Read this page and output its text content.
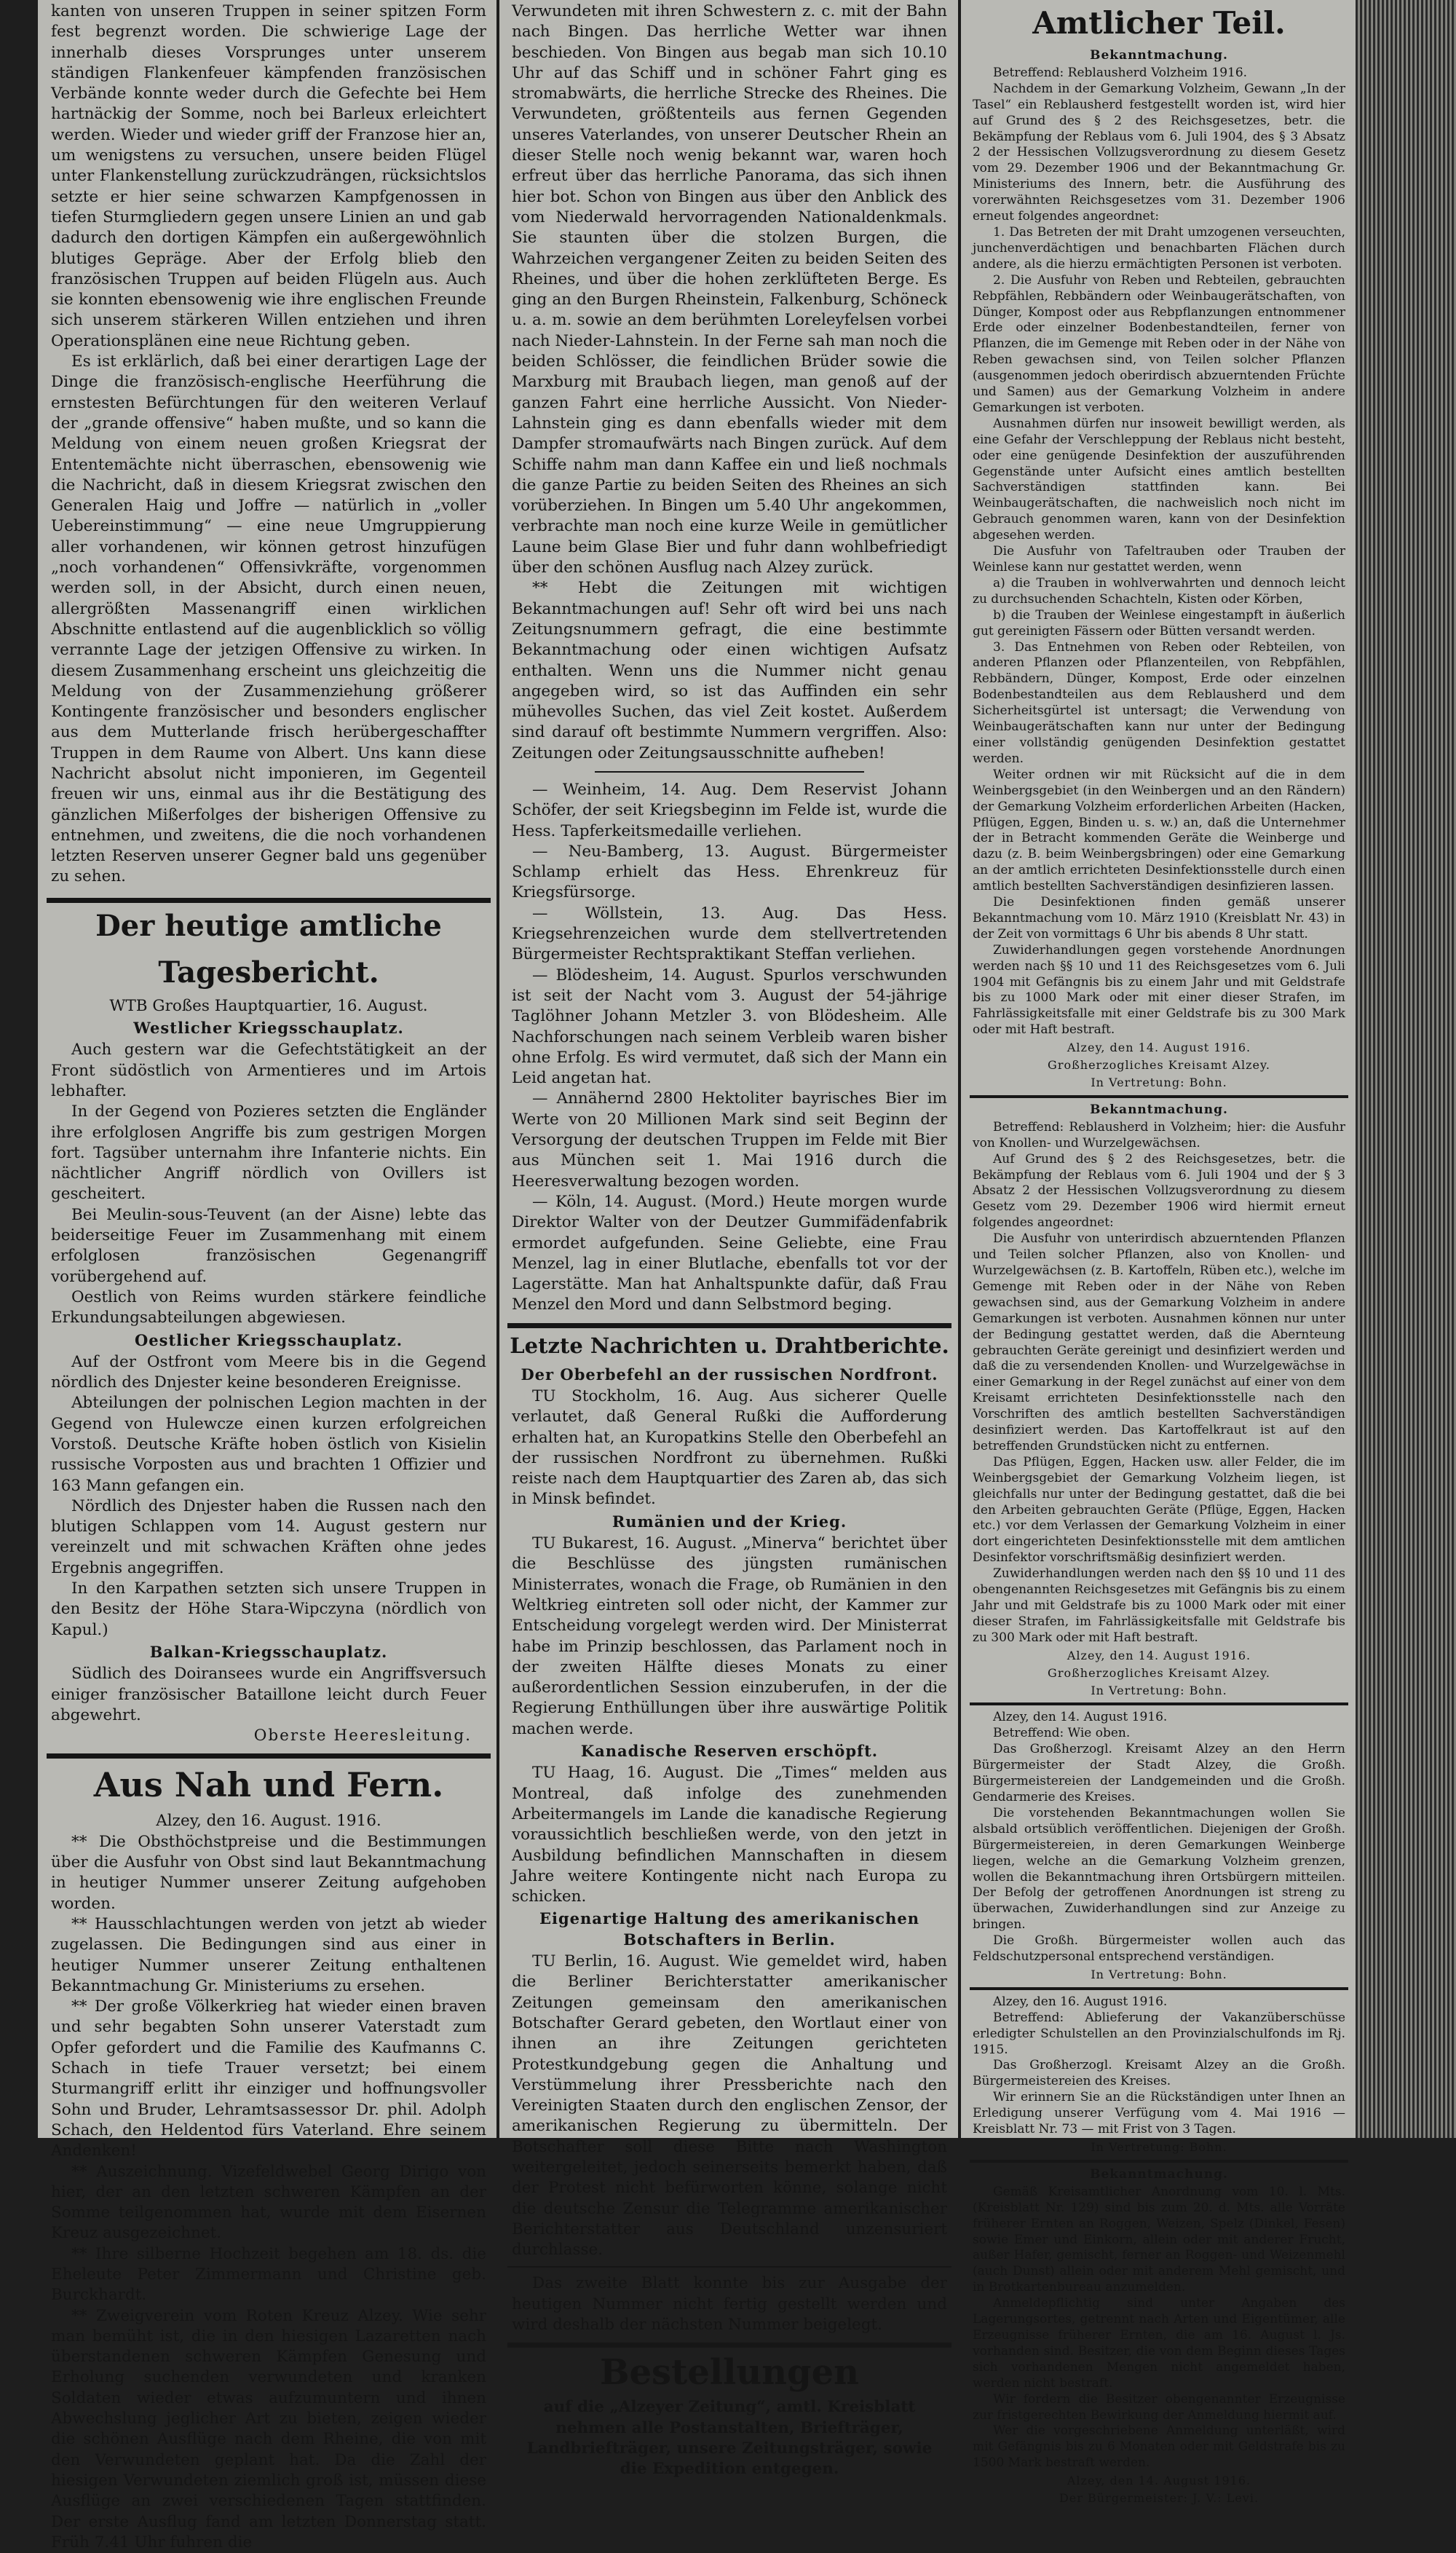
kanten von unseren Truppen in seiner spitzen Form fest begrenzt worden. Die schwierige Lage der innerhalb dieses Vorsprunges unter unserem ständigen Flankenfeuer kämpfenden französischen Verbände konnte weder durch die Gefechte bei Hem hartnäckig der Somme, noch bei Barleux erleichtert werden. Wieder und wieder griff der Franzose hier an, um wenigstens zu versuchen, unsere beiden Flügel unter Flankenstellung zurückzudrängen, rücksichtslos setzte er hier seine schwarzen Kampfgenossen in tiefen Sturmgliedern gegen unsere Linien an und gab dadurch den dortigen Kämpfen ein außergewöhnlich blutiges Gepräge. Aber der Erfolg blieb den französischen Truppen auf beiden Flügeln aus. Auch sie konnten ebensowenig wie ihre englischen Freunde sich unserem stärkeren Willen entziehen und ihren Operationsplänen eine neue Richtung geben.

Es ist erklärlich, daß bei einer derartigen Lage der Dinge die französisch-englische Heerführung die ernstesten Befürchtungen für den weiteren Verlauf der „grande offensive“ haben mußte, und so kann die Meldung von einem neuen großen Kriegsrat der Ententemächte nicht überraschen, ebensowenig wie die Nachricht, daß in diesem Kriegsrat zwischen den Generalen Haig und Joffre — natürlich in „voller Uebereinstimmung“ — eine neue Umgruppierung aller vorhandenen, wir können getrost hinzufügen „noch vorhandenen“ Offensivkräfte, vorgenommen werden soll, in der Absicht, durch einen neuen, allergrößten Massenangriff einen wirklichen Abschnitte entlastend auf die augenblicklich so völlig verrannte Lage der jetzigen Offensive zu wirken. In diesem Zusammenhang erscheint uns gleichzeitig die Meldung von der Zusammenziehung größerer Kontingente französischer und besonders englischer aus dem Mutterlande frisch herübergeschaffter Truppen in dem Raume von Albert. Uns kann diese Nachricht absolut nicht imponieren, im Gegenteil freuen wir uns, einmal aus ihr die Bestätigung des gänzlichen Mißerfolges der bisherigen Offensive zu entnehmen, und zweitens, die die noch vorhandenen letzten Reserven unserer Gegner bald uns gegenüber zu sehen.

Der heutige amtliche Tagesbericht.

WTB Großes Hauptquartier, 16. August.

Westlicher Kriegsschauplatz.

Auch gestern war die Gefechtstätigkeit an der Front südöstlich von Armentieres und im Artois lebhafter.

In der Gegend von Pozieres setzten die Engländer ihre erfolglosen Angriffe bis zum gestrigen Morgen fort. Tagsüber unternahm ihre Infanterie nichts. Ein nächtlicher Angriff nördlich von Ovillers ist gescheitert.

Bei Meulin-sous-Teuvent (an der Aisne) lebte das beiderseitige Feuer im Zusammenhang mit einem erfolglosen französischen Gegenangriff vorübergehend auf.

Oestlich von Reims wurden stärkere feindliche Erkundungsabteilungen abgewiesen.

Oestlicher Kriegsschauplatz.

Auf der Ostfront vom Meere bis in die Gegend nördlich des Dnjester keine besonderen Ereignisse.

Abteilungen der polnischen Legion machten in der Gegend von Hulewcze einen kurzen erfolgreichen Vorstoß. Deutsche Kräfte hoben östlich von Kisielin russische Vorposten aus und brachten 1 Offizier und 163 Mann gefangen ein.

Nördlich des Dnjester haben die Russen nach den blutigen Schlappen vom 14. August gestern nur vereinzelt und mit schwachen Kräften ohne jedes Ergebnis angegriffen.

In den Karpathen setzten sich unsere Truppen in den Besitz der Höhe Stara-Wipczyna (nördlich von Kapul.)

Balkan-Kriegsschauplatz.

Südlich des Doiransees wurde ein Angriffsversuch einiger französischer Bataillone leicht durch Feuer abgewehrt.

Oberste Heeresleitung.

Aus Nah und Fern.

Alzey, den 16. August. 1916.

** Die Obsthöchstpreise und die Bestimmungen über die Ausfuhr von Obst sind laut Bekanntmachung in heutiger Nummer unserer Zeitung aufgehoben worden.

** Hausschlachtungen werden von jetzt ab wieder zugelassen. Die Bedingungen sind aus einer in heutiger Nummer unserer Zeitung enthaltenen Bekanntmachung Gr. Ministeriums zu ersehen.

** Der große Völkerkrieg hat wieder einen braven und sehr begabten Sohn unserer Vaterstadt zum Opfer gefordert und die Familie des Kaufmanns C. Schach in tiefe Trauer versetzt; bei einem Sturmangriff erlitt ihr einziger und hoffnungsvoller Sohn und Bruder, Lehramtsassessor Dr. phil. Adolph Schach, den Heldentod fürs Vaterland. Ehre seinem Andenken!

** Auszeichnung. Vizefeldwebel Georg Dirigo von hier, der an den letzten schweren Kämpfen an der Somme teilgenommen hat, wurde mit dem Eisernen Kreuz ausgezeichnet.

** Ihre silberne Hochzeit begehen am 18. ds. die Eheleute Peter Zimmermann und Christine geb. Burckhardt.

** Zweigverein vom Roten Kreuz Alzey. Wie sehr man bemüht ist, die in den hiesigen Lazaretten nach überstandenen schweren Kämpfen Genesung und Erholung suchenden verwundeten und kranken Soldaten wieder etwas aufzumuntern und ihnen Abwechslung jeglicher Art zu bieten, zeigen wieder die schönen Ausflüge nach dem Rheine, die von mit den Verwundeten geplant hat. Da die Zahl der hiesigen Verwundeten ziemlich groß ist, müssen diese Ausflüge an zwei verschiedenen Tagen stattfinden. Der erste Ausflug fand am letzten Donnerstag statt. Früh 7.41 Uhr fuhren die

Verwundeten mit ihren Schwestern z. c. mit der Bahn nach Bingen. Das herrliche Wetter war ihnen beschieden. Von Bingen aus begab man sich 10.10 Uhr auf das Schiff und in schöner Fahrt ging es stromabwärts, die herrliche Strecke des Rheines. Die Verwundeten, größtenteils aus fernen Gegenden unseres Vaterlandes, von unserer Deutscher Rhein an dieser Stelle noch wenig bekannt war, waren hoch erfreut über das herrliche Panorama, das sich ihnen hier bot. Schon von Bingen aus über den Anblick des vom Niederwald hervorragenden Nationaldenkmals. Sie staunten über die stolzen Burgen, die Wahrzeichen vergangener Zeiten zu beiden Seiten des Rheines, und über die hohen zerklüfteten Berge. Es ging an den Burgen Rheinstein, Falkenburg, Schöneck u. a. m. sowie an dem berühmten Loreleyfelsen vorbei nach Nieder-Lahnstein. In der Ferne sah man noch die beiden Schlösser, die feindlichen Brüder sowie die Marxburg mit Braubach liegen, man genoß auf der ganzen Fahrt eine herrliche Aussicht. Von Nieder-Lahnstein ging es dann ebenfalls wieder mit dem Dampfer stromaufwärts nach Bingen zurück. Auf dem Schiffe nahm man dann Kaffee ein und ließ nochmals die ganze Partie zu beiden Seiten des Rheines an sich vorüberziehen. In Bingen um 5.40 Uhr angekommen, verbrachte man noch eine kurze Weile in gemütlicher Laune beim Glase Bier und fuhr dann wohlbefriedigt über den schönen Ausflug nach Alzey zurück.

** Hebt die Zeitungen mit wichtigen Bekanntmachungen auf! Sehr oft wird bei uns nach Zeitungsnummern gefragt, die eine bestimmte Bekanntmachung oder einen wichtigen Aufsatz enthalten. Wenn uns die Nummer nicht genau angegeben wird, so ist das Auffinden ein sehr mühevolles Suchen, das viel Zeit kostet. Außerdem sind darauf oft bestimmte Nummern vergriffen. Also: Zeitungen oder Zeitungsausschnitte aufheben!

— Weinheim, 14. Aug. Dem Reservist Johann Schöfer, der seit Kriegsbeginn im Felde ist, wurde die Hess. Tapferkeitsmedaille verliehen.

— Neu-Bamberg, 13. August. Bürgermeister Schlamp erhielt das Hess. Ehrenkreuz für Kriegsfürsorge.

— Wöllstein, 13. Aug. Das Hess. Kriegsehrenzeichen wurde dem stellvertretenden Bürgermeister Rechtspraktikant Steffan verliehen.

— Blödesheim, 14. August. Spurlos verschwunden ist seit der Nacht vom 3. August der 54-jährige Taglöhner Johann Metzler 3. von Blödesheim. Alle Nachforschungen nach seinem Verbleib waren bisher ohne Erfolg. Es wird vermutet, daß sich der Mann ein Leid angetan hat.

— Annähernd 2800 Hektoliter bayrisches Bier im Werte von 20 Millionen Mark sind seit Beginn der Versorgung der deutschen Truppen im Felde mit Bier aus München seit 1. Mai 1916 durch die Heeresverwaltung bezogen worden.

— Köln, 14. August. (Mord.) Heute morgen wurde Direktor Walter von der Deutzer Gummifädenfabrik ermordet aufgefunden. Seine Geliebte, eine Frau Menzel, lag in einer Blutlache, ebenfalls tot vor der Lagerstätte. Man hat Anhaltspunkte dafür, daß Frau Menzel den Mord und dann Selbstmord beging.

Letzte Nachrichten u. Drahtberichte.
Der Oberbefehl an der russischen Nordfront.

TU Stockholm, 16. Aug. Aus sicherer Quelle verlautet, daß General Rußki die Aufforderung erhalten hat, an Kuropatkins Stelle den Oberbefehl an der russischen Nordfront zu übernehmen. Rußki reiste nach dem Hauptquartier des Zaren ab, das sich in Minsk befindet.

Rumänien und der Krieg.

TU Bukarest, 16. August. „Minerva“ berichtet über die Beschlüsse des jüngsten rumänischen Ministerrates, wonach die Frage, ob Rumänien in den Weltkrieg eintreten soll oder nicht, der Kammer zur Entscheidung vorgelegt werden wird. Der Ministerrat habe im Prinzip beschlossen, das Parlament noch in der zweiten Hälfte dieses Monats zu einer außerordentlichen Session einzuberufen, in der die Regierung Enthüllungen über ihre auswärtige Politik machen werde.

Kanadische Reserven erschöpft.

TU Haag, 16. August. Die „Times“ melden aus Montreal, daß infolge des zunehmenden Arbeitermangels im Lande die kanadische Regierung voraussichtlich beschließen werde, von den jetzt in Ausbildung befindlichen Mannschaften in diesem Jahre weitere Kontingente nicht nach Europa zu schicken.

Eigenartige Haltung des amerikanischen Botschafters in Berlin.

TU Berlin, 16. August. Wie gemeldet wird, haben die Berliner Berichterstatter amerikanischer Zeitungen gemeinsam den amerikanischen Botschafter Gerard gebeten, den Wortlaut einer von ihnen an ihre Zeitungen gerichteten Protestkundgebung gegen die Anhaltung und Verstümmelung ihrer Pressberichte nach den Vereinigten Staaten durch den englischen Zensor, der amerikanischen Regierung zu übermitteln. Der Botschafter soll diese Bitte nach Washington weitergeleitet, jedoch seinerseits bemerkt haben, daß der Protest nicht befürworten könne, solange nicht die deutsche Zensur die Telegramme amerikanischer Berichterstatter aus Deutschland unzensuriert durchlasse.

Das zweite Blatt konnte bis zur Ausgabe der heutigen Nummer nicht fertig gestellt werden und wird deshalb der nächsten Nummer beigelegt.

Bestellungen

auf die „Alzeyer Zeitung“, amtl. Kreisblatt nehmen alle Postanstalten, Briefträger, Landbriefträger, unsere Zeitungsträger, sowie die Expedition entgegen.

Amtlicher Teil.
Bekanntmachung.

Betreffend: Reblausherd Volzheim 1916.

Nachdem in der Gemarkung Volzheim, Gewann „In der Tasel“ ein Reblausherd festgestellt worden ist, wird hier auf Grund des § 2 des Reichsgesetzes, betr. die Bekämpfung der Reblaus vom 6. Juli 1904, des § 3 Absatz 2 der Hessischen Vollzugsverordnung zu diesem Gesetz vom 29. Dezember 1906 und der Bekanntmachung Gr. Ministeriums des Innern, betr. die Ausführung des vorerwähnten Reichsgesetzes vom 31. Dezember 1906 erneut folgendes angeordnet:

1. Das Betreten der mit Draht umzogenen verseuchten, junchenverdächtigen und benachbarten Flächen durch andere, als die hierzu ermächtigten Personen ist verboten.

2. Die Ausfuhr von Reben und Rebteilen, gebrauchten Rebpfählen, Rebbändern oder Weinbaugerätschaften, von Dünger, Kompost oder aus Rebpflanzungen entnommener Erde oder einzelner Bodenbestandteilen, ferner von Pflanzen, die im Gemenge mit Reben oder in der Nähe von Reben gewachsen sind, von Teilen solcher Pflanzen (ausgenommen jedoch oberirdisch abzuerntenden Früchte und Samen) aus der Gemarkung Volzheim in andere Gemarkungen ist verboten.

Ausnahmen dürfen nur insoweit bewilligt werden, als eine Gefahr der Verschleppung der Reblaus nicht besteht, oder eine genügende Desinfektion der auszuführenden Gegenstände unter Aufsicht eines amtlich bestellten Sachverständigen stattfinden kann. Bei Weinbaugerätschaften, die nachweislich noch nicht im Gebrauch genommen waren, kann von der Desinfektion abgesehen werden.

Die Ausfuhr von Tafeltrauben oder Trauben der Weinlese kann nur gestattet werden, wenn

a) die Trauben in wohlverwahrten und dennoch leicht zu durchsuchenden Schachteln, Kisten oder Körben,

b) die Trauben der Weinlese eingestampft in äußerlich gut gereinigten Fässern oder Bütten versandt werden.

3. Das Entnehmen von Reben oder Rebteilen, von anderen Pflanzen oder Pflanzenteilen, von Rebpfählen, Rebbändern, Dünger, Kompost, Erde oder einzelnen Bodenbestandteilen aus dem Reblausherd und dem Sicherheitsgürtel ist untersagt; die Verwendung von Weinbaugerätschaften kann nur unter der Bedingung einer vollständig genügenden Desinfektion gestattet werden.

Weiter ordnen wir mit Rücksicht auf die in dem Weinbergsgebiet (in den Weinbergen und an den Rändern) der Gemarkung Volzheim erforderlichen Arbeiten (Hacken, Pflügen, Eggen, Binden u. s. w.) an, daß die Unternehmer der in Betracht kommenden Geräte die Weinberge und dazu (z. B. beim Weinbergsbringen) oder eine Gemarkung an der amtlich errichteten Desinfektionsstelle durch einen amtlich bestellten Sachverständigen desinfizieren lassen.

Die Desinfektionen finden gemäß unserer Bekanntmachung vom 10. März 1910 (Kreisblatt Nr. 43) in der Zeit von vormittags 6 Uhr bis abends 8 Uhr statt.

Zuwiderhandlungen gegen vorstehende Anordnungen werden nach §§ 10 und 11 des Reichsgesetzes vom 6. Juli 1904 mit Gefängnis bis zu einem Jahr und mit Geldstrafe bis zu 1000 Mark oder mit einer dieser Strafen, im Fahrlässigkeitsfalle mit einer Geldstrafe bis zu 300 Mark oder mit Haft bestraft.

Alzey, den 14. August 1916.
Großherzogliches Kreisamt Alzey.
In Vertretung: Bohn.
Bekanntmachung.

Betreffend: Reblausherd in Volzheim; hier: die Ausfuhr von Knollen- und Wurzelgewächsen.

Auf Grund des § 2 des Reichsgesetzes, betr. die Bekämpfung der Reblaus vom 6. Juli 1904 und der § 3 Absatz 2 der Hessischen Vollzugsverordnung zu diesem Gesetz vom 29. Dezember 1906 wird hiermit erneut folgendes angeordnet:

Die Ausfuhr von unterirdisch abzuerntenden Pflanzen und Teilen solcher Pflanzen, also von Knollen- und Wurzelgewächsen (z. B. Kartoffeln, Rüben etc.), welche im Gemenge mit Reben oder in der Nähe von Reben gewachsen sind, aus der Gemarkung Volzheim in andere Gemarkungen ist verboten. Ausnahmen können nur unter der Bedingung gestattet werden, daß die Abernteung gebrauchten Geräte gereinigt und desinfiziert werden und daß die zu versendenden Knollen- und Wurzelgewächse in einer Gemarkung in der Regel zunächst auf einer von dem Kreisamt errichteten Desinfektionsstelle nach den Vorschriften des amtlich bestellten Sachverständigen desinfiziert werden. Das Kartoffelkraut ist auf den betreffenden Grundstücken nicht zu entfernen.

Das Pflügen, Eggen, Hacken usw. aller Felder, die im Weinbergsgebiet der Gemarkung Volzheim liegen, ist gleichfalls nur unter der Bedingung gestattet, daß die bei den Arbeiten gebrauchten Geräte (Pflüge, Eggen, Hacken etc.) vor dem Verlassen der Gemarkung Volzheim in einer dort eingerichteten Desinfektionsstelle mit dem amtlichen Desinfektor vorschriftsmäßig desinfiziert werden.

Zuwiderhandlungen werden nach den §§ 10 und 11 des obengenannten Reichsgesetzes mit Gefängnis bis zu einem Jahr und mit Geldstrafe bis zu 1000 Mark oder mit einer dieser Strafen, im Fahrlässigkeitsfalle mit Geldstrafe bis zu 300 Mark oder mit Haft bestraft.

Alzey, den 14. August 1916.
Großherzogliches Kreisamt Alzey.
In Vertretung: Bohn.

Alzey, den 14. August 1916.

Betreffend: Wie oben.

Das Großherzogl. Kreisamt Alzey an den Herrn Bürgermeister der Stadt Alzey, die Großh. Bürgermeistereien der Landgemeinden und die Großh. Gendarmerie des Kreises.

Die vorstehenden Bekanntmachungen wollen Sie alsbald ortsüblich veröffentlichen. Diejenigen der Großh. Bürgermeistereien, in deren Gemarkungen Weinberge liegen, welche an die Gemarkung Volzheim grenzen, wollen die Bekanntmachung ihren Ortsbürgern mitteilen. Der Befolg der getroffenen Anordnungen ist streng zu überwachen, Zuwiderhandlungen sind zur Anzeige zu bringen.

Die Großh. Bürgermeister wollen auch das Feldschutzpersonal entsprechend verständigen.

In Vertretung: Bohn.

Alzey, den 16. August 1916.

Betreffend: Ablieferung der Vakanzüberschüsse erledigter Schulstellen an den Provinzialschulfonds im Rj. 1915.

Das Großherzogl. Kreisamt Alzey an die Großh. Bürgermeistereien des Kreises.

Wir erinnern Sie an die Rückständigen unter Ihnen an Erledigung unserer Verfügung vom 4. Mai 1916 — Kreisblatt Nr. 73 — mit Frist von 3 Tagen.

In Vertretung: Bohn.
Bekanntmachung.

Gemäß Kreisamtlicher Anordnung vom 10. l. Mts. (Kreisblatt Nr. 129) sind bis zum 20. d. Mts. alle Vorräte früherer Ernten an Roggen, Weizen, Spelz (Dinkel, Fesen) sowie Emer und Einkorn, allein oder mit anderer Frucht, außer Hafer, gemischt, ferner an Roggen- und Weizenmehl (auch Dunst) allein oder mit anderem Mehl gemischt, und in Brotkartenbureau anzumelden.

Anmeldepflichtig sind unter Angaben des Lagerungsortes, getrennt nach Arten und Eigentümer, alle Erzeugnisse früherer Ernten, die am 16. August l. Js. vorhanden sind. Besitzer, die von dem Beginn dieses Tages sich vorhandenen Mengen nicht angemeldet haben, werden nicht bestraft.

Wir fordern die Besitzer obengenannter Erzeugnisse zur fristgerechten Bewirkung der Anmeldung hiermit auf.

Wer die vorgeschriebene Anmeldung unterläßt, wird mit Gefängnis bis zu 6 Monaten oder mit Geldstrafe bis zu 1500 Mark bestraft werden.

Alzey, den 14. August 1916.
Der Bürgermeister: J. V.: Levi.
